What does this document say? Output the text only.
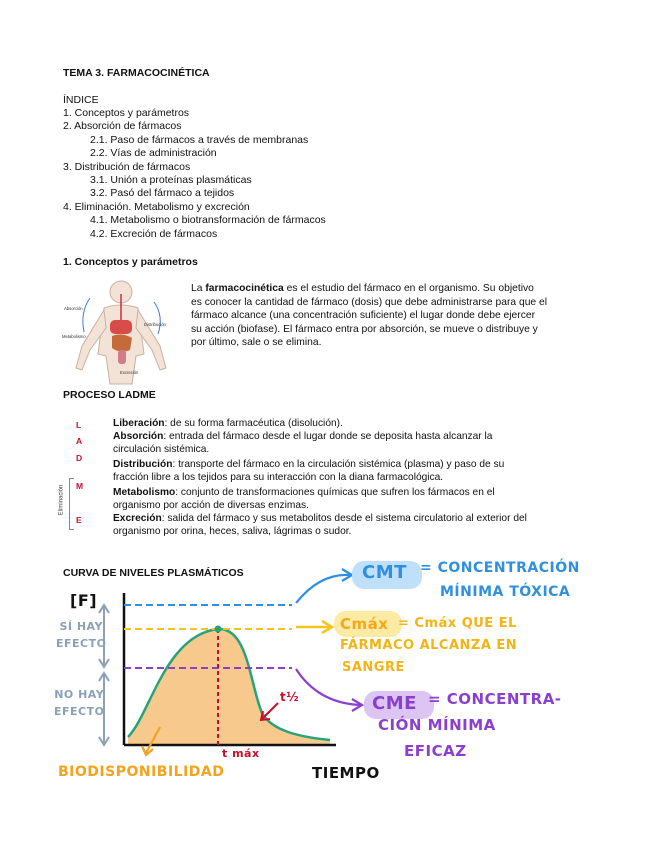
TEMA 3. FARMACOCINÉTICA
ÍNDICE
1. Conceptos y parámetros
2. Absorción de fármacos
2.1. Paso de fármacos a través de membranas
2.2. Vías de administración
3. Distribución de fármacos
3.1. Unión a proteínas plasmáticas
3.2. Pasó del fármaco a tejidos
4. Eliminación. Metabolismo y excreción
4.1. Metabolismo o biotransformación de fármacos
4.2. Excreción de fármacos
1. Conceptos y parámetros
Absorción
Distribución
Metabolismo
Excreción
La farmacocinética es el estudio del fármaco en el organismo. Su objetivo
es conocer la cantidad de fármaco (dosis) que debe administrarse para que el
fármaco alcance (una concentración suficiente) el lugar donde debe ejercer
su acción (biofase). El fármaco entra por absorción, se mueve o distribuye y
por último, sale o se elimina.
PROCESO LADME
L
A
D
M
E
Eliminación
Liberación: de su forma farmacéutica (disolución).
Absorción: entrada del fármaco desde el lugar donde se deposita hasta alcanzar la
circulación sistémica.
Distribución: transporte del fármaco en la circulación sistémica (plasma) y paso de su
fracción libre a los tejidos para su interacción con la diana farmacológica.
Metabolismo: conjunto de transformaciones químicas que sufren los fármacos en el
organismo por acción de diversas enzimas.
Excreción: salida del fármaco y sus metabolitos desde el sistema circulatorio al exterior del
organismo por orina, heces, saliva, lágrimas o sudor.
CURVA DE NIVELES PLASMÁTICOS
[F]
TIEMPO
SÍ HAY
EFECTO
NO HAY
EFECTO
BIODISPONIBILIDAD
t máx
t½
CMT = CONCENTRACIÓN
MÍNIMA TÓXICA
Cmáx = Cmáx QUE EL
FÁRMACO ALCANZA EN
SANGRE
CME = CONCENTRA-
CIÓN MÍNIMA
EFICAZ
